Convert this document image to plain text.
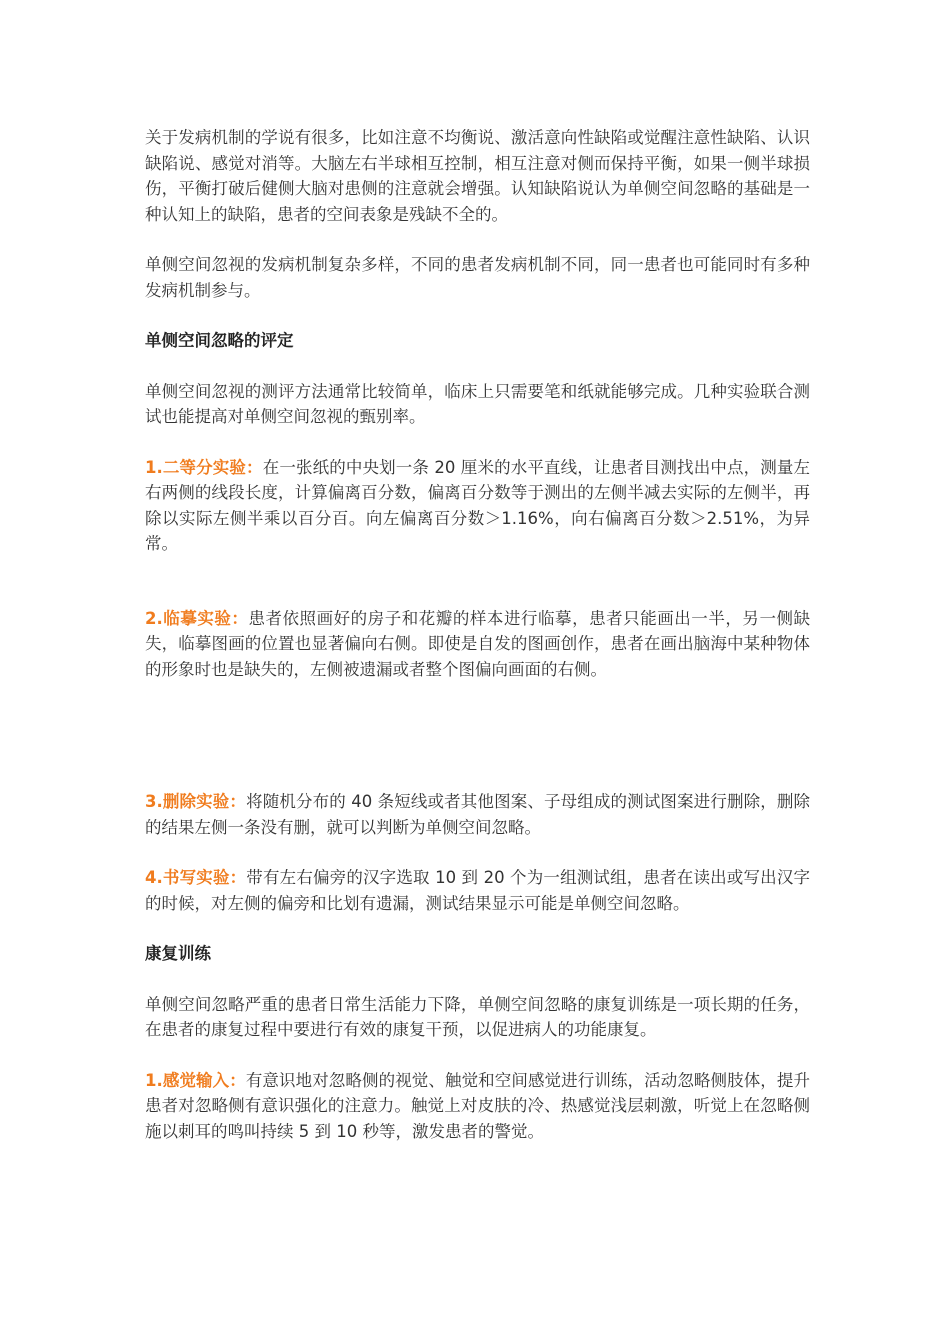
关于发病机制的学说有很多，比如注意不均衡说、激活意向性缺陷或觉醒注意性缺陷、认识缺陷说、感觉对消等。大脑左右半球相互控制，相互注意对侧而保持平衡，如果一侧半球损伤，平衡打破后健侧大脑对患侧的注意就会增强。认知缺陷说认为单侧空间忽略的基础是一种认知上的缺陷，患者的空间表象是残缺不全的。

单侧空间忽视的发病机制复杂多样，不同的患者发病机制不同，同一患者也可能同时有多种发病机制参与。

单侧空间忽略的评定

单侧空间忽视的测评方法通常比较简单，临床上只需要笔和纸就能够完成。几种实验联合测试也能提高对单侧空间忽视的甄别率。

1.二等分实验：在一张纸的中央划一条 20 厘米的水平直线，让患者目测找出中点，测量左右两侧的线段长度，计算偏离百分数，偏离百分数等于测出的左侧半减去实际的左侧半，再除以实际左侧半乘以百分百。向左偏离百分数＞1.16%，向右偏离百分数＞2.51%，为异常。

2.临摹实验：患者依照画好的房子和花瓣的样本进行临摹，患者只能画出一半，另一侧缺失，临摹图画的位置也显著偏向右侧。即使是自发的图画创作，患者在画出脑海中某种物体的形象时也是缺失的，左侧被遗漏或者整个图偏向画面的右侧。

3.删除实验：将随机分布的 40 条短线或者其他图案、子母组成的测试图案进行删除，删除的结果左侧一条没有删，就可以判断为单侧空间忽略。

4.书写实验：带有左右偏旁的汉字选取 10 到 20 个为一组测试组，患者在读出或写出汉字的时候，对左侧的偏旁和比划有遗漏，测试结果显示可能是单侧空间忽略。

康复训练

单侧空间忽略严重的患者日常生活能力下降，单侧空间忽略的康复训练是一项长期的任务，在患者的康复过程中要进行有效的康复干预，以促进病人的功能康复。

1.感觉输入：有意识地对忽略侧的视觉、触觉和空间感觉进行训练，活动忽略侧肢体，提升患者对忽略侧有意识强化的注意力。触觉上对皮肤的冷、热感觉浅层刺激，听觉上在忽略侧施以刺耳的鸣叫持续 5 到 10 秒等，激发患者的警觉。
